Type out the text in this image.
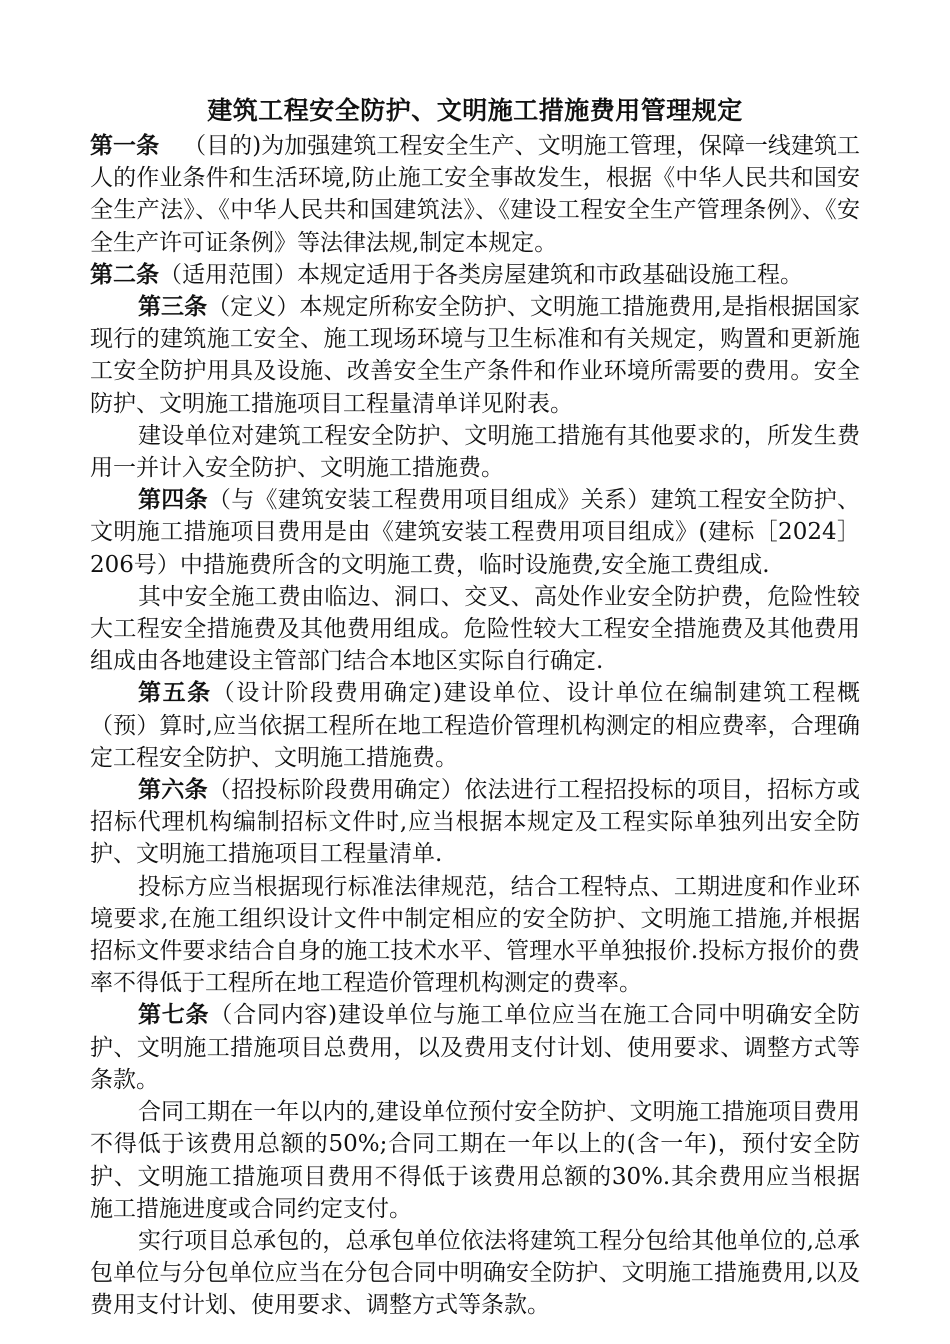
建筑工程安全防护、文明施工措施费用管理规定

第一条 （目的)为加强建筑工程安全生产、文明施工管理，保障一线建筑工人的作业条件和生活环境,防止施工安全事故发生，根据《中华人民共和国安全生产法》、《中华人民共和国建筑法》、《建设工程安全生产管理条例》、《安全生产许可证条例》等法律法规,制定本规定。

第二条（适用范围）本规定适用于各类房屋建筑和市政基础设施工程。

第三条（定义）本规定所称安全防护、文明施工措施费用,是指根据国家现行的建筑施工安全、施工现场环境与卫生标准和有关规定，购置和更新施工安全防护用具及设施、改善安全生产条件和作业环境所需要的费用。安全防护、文明施工措施项目工程量清单详见附表。

建设单位对建筑工程安全防护、文明施工措施有其他要求的，所发生费用一并计入安全防护、文明施工措施费。

第四条（与《建筑安装工程费用项目组成》关系）建筑工程安全防护、文明施工措施项目费用是由《建筑安装工程费用项目组成》(建标［2024］206号）中措施费所含的文明施工费，临时设施费,安全施工费组成.

其中安全施工费由临边、洞口、交叉、高处作业安全防护费，危险性较大工程安全措施费及其他费用组成。危险性较大工程安全措施费及其他费用组成由各地建设主管部门结合本地区实际自行确定.

第五条（设计阶段费用确定)建设单位、设计单位在编制建筑工程概（预）算时,应当依据工程所在地工程造价管理机构测定的相应费率，合理确定工程安全防护、文明施工措施费。

第六条（招投标阶段费用确定）依法进行工程招投标的项目，招标方或招标代理机构编制招标文件时,应当根据本规定及工程实际单独列出安全防护、文明施工措施项目工程量清单.

投标方应当根据现行标准法律规范，结合工程特点、工期进度和作业环境要求,在施工组织设计文件中制定相应的安全防护、文明施工措施,并根据招标文件要求结合自身的施工技术水平、管理水平单独报价.投标方报价的费率不得低于工程所在地工程造价管理机构测定的费率。

第七条（合同内容)建设单位与施工单位应当在施工合同中明确安全防护、文明施工措施项目总费用，以及费用支付计划、使用要求、调整方式等条款。

合同工期在一年以内的,建设单位预付安全防护、文明施工措施项目费用不得低于该费用总额的50%;合同工期在一年以上的(含一年)，预付安全防护、文明施工措施项目费用不得低于该费用总额的30%.其余费用应当根据施工措施进度或合同约定支付。

实行项目总承包的，总承包单位依法将建筑工程分包给其他单位的,总承包单位与分包单位应当在分包合同中明确安全防护、文明施工措施费用,以及费用支付计划、使用要求、调整方式等条款。
